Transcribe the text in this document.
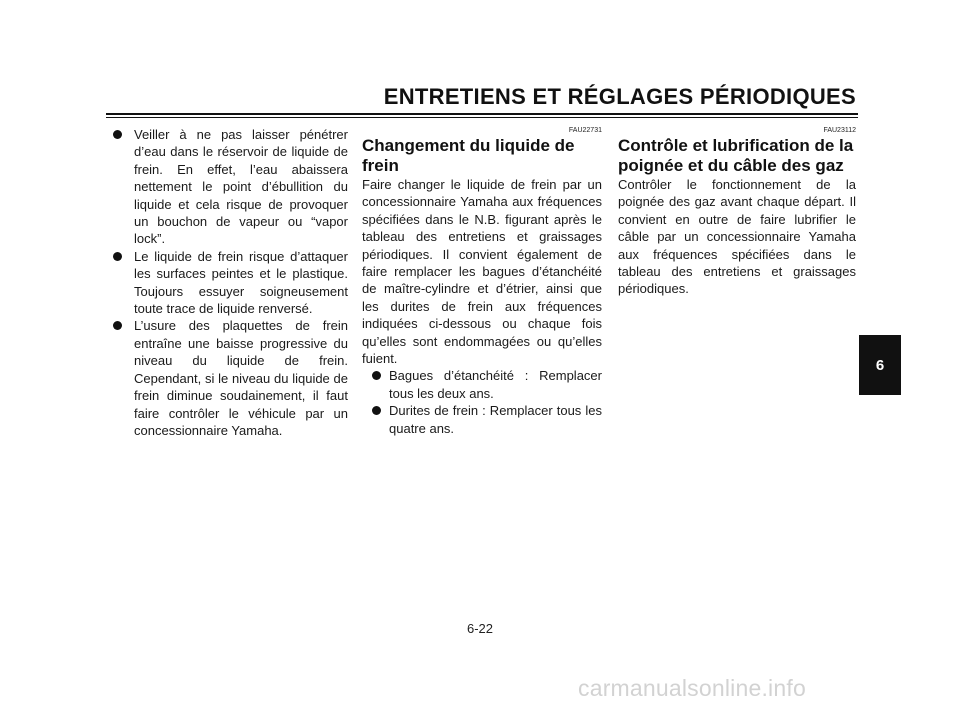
ENTRETIENS ET RÉGLAGES PÉRIODIQUES
Veiller à ne pas laisser pénétrer d’eau dans le réservoir de liquide de frein. En effet, l’eau abaissera nettement le point d’ébullition du liquide et cela risque de provoquer un bouchon de vapeur ou “vapor lock”.
Le liquide de frein risque d’attaquer les surfaces peintes et le plastique. Toujours essuyer soigneusement toute trace de liquide renversé.
L’usure des plaquettes de frein entraîne une baisse progressive du niveau du liquide de frein. Cependant, si le niveau du liquide de frein diminue soudainement, il faut faire contrôler le véhicule par un concessionnaire Yamaha.
FAU22731
Changement du liquide de frein

Faire changer le liquide de frein par un concessionnaire Yamaha aux fréquences spécifiées dans le N.B. figurant après le tableau des entretiens et graissages périodiques. Il convient également de faire remplacer les bagues d’étanchéité de maître-cylindre et d’étrier, ainsi que les durites de frein aux fréquences indiquées ci-dessous ou chaque fois qu’elles sont endommagées ou qu’elles fuient.

Bagues d’étanchéité : Remplacer tous les deux ans.
Durites de frein : Remplacer tous les quatre ans.
FAU23112
Contrôle et lubrification de la poignée et du câble des gaz

Contrôler le fonctionnement de la poignée des gaz avant chaque départ. Il convient en outre de faire lubrifier le câble par un concessionnaire Yamaha aux fréquences spécifiées dans le tableau des entretiens et graissages périodiques.

6-22
6
carmanualsonline.info
